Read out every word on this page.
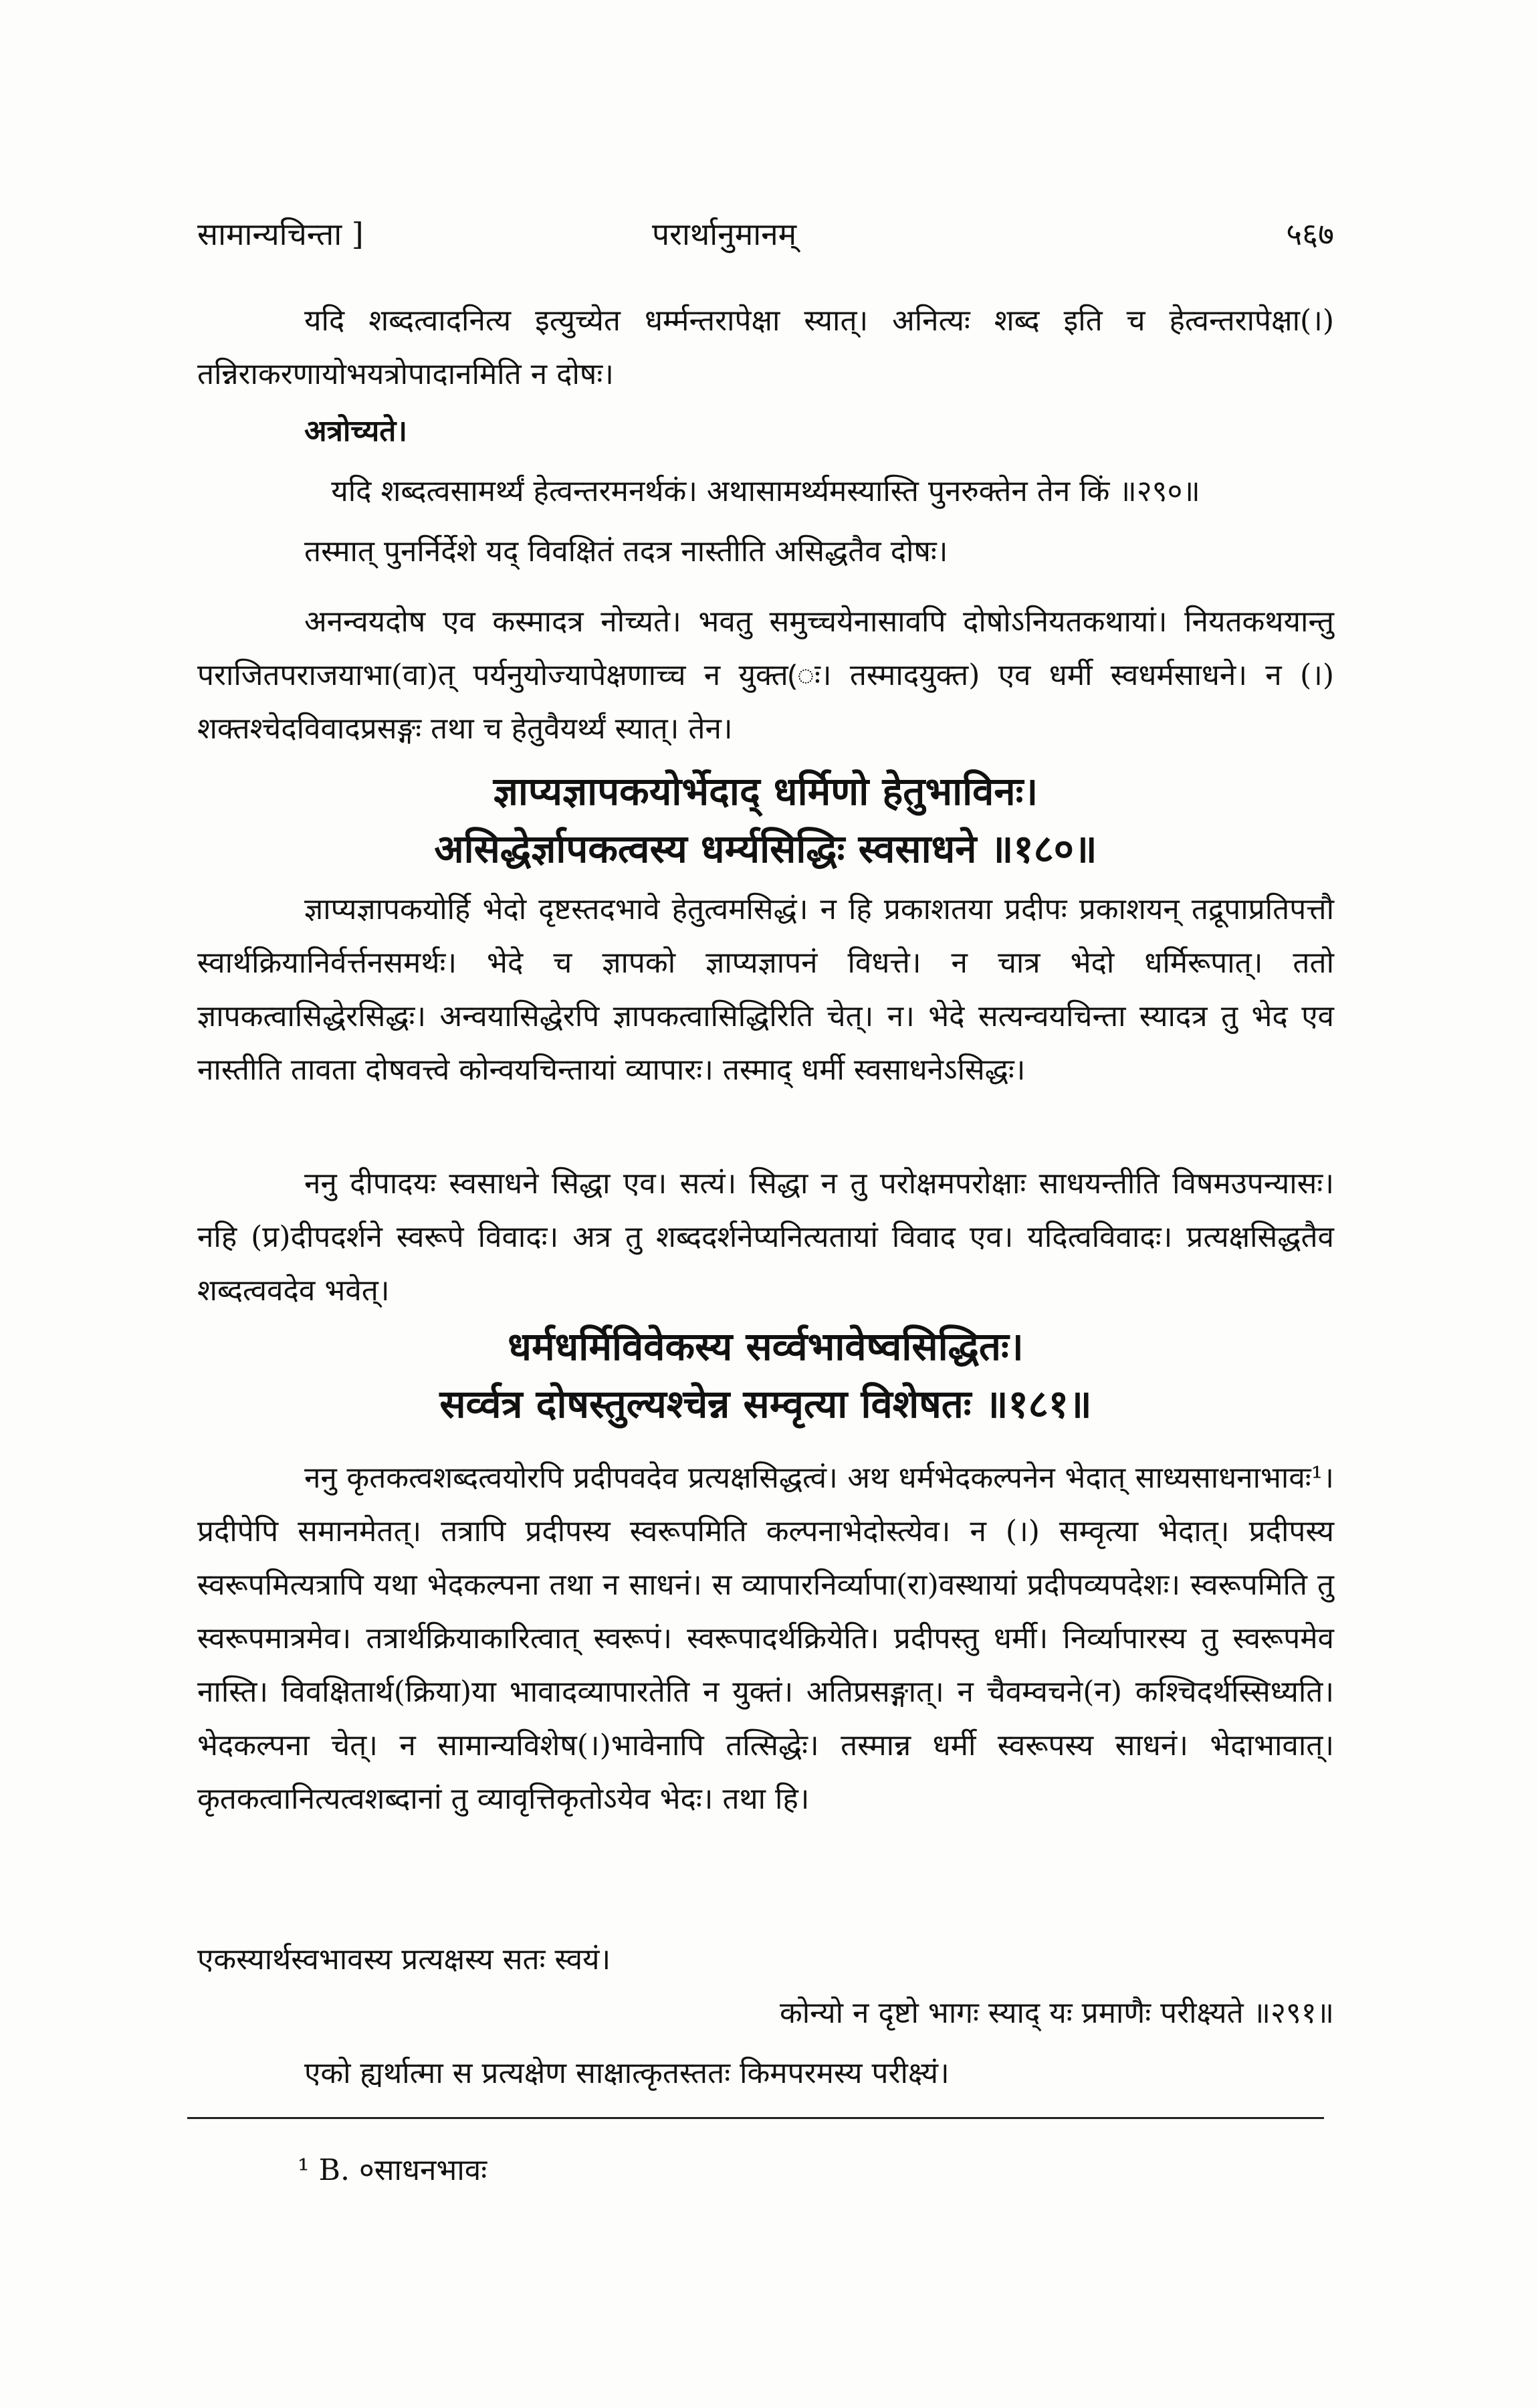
सामान्यचिन्ता ]	परार्थानुमानम्	५६७

यदि शब्दत्वादनित्य इत्युच्येत धर्म्मन्तरापेक्षा स्यात्। अनित्यः शब्द इति च हेत्वन्तरापेक्षा(।) तन्निराकरणायोभयत्रोपादानमिति न दोषः।

अत्रोच्यते।

यदि शब्दत्वसामर्थ्यं हेत्वन्तरमनर्थकं। अथासामर्थ्यमस्यास्ति पुनरुक्तेन तेन किं ॥२९०॥

तस्मात् पुनर्निर्देशे यद् विवक्षितं तदत्र नास्तीति असिद्धतैव दोषः।

अनन्वयदोष एव कस्मादत्र नोच्यते। भवतु समुच्चयेनासावपि दोषोऽनियतकथायां। नियतकथयान्तु पराजितपराजयाभा(वा)त् पर्यनुयोज्यापेक्षणाच्च न युक्त(ः। तस्मादयुक्त) एव धर्मी स्वधर्मसाधने। न (।) शक्तश्चेदविवादप्रसङ्गः तथा च हेतुवैयर्थ्यं स्यात्। तेन।

ज्ञाप्यज्ञापकयोर्भेदाद् धर्मिणो हेतुभाविनः।
असिद्धेर्ज्ञापकत्वस्य धर्म्यसिद्धिः स्वसाधने ॥१८०॥

ज्ञाप्यज्ञापकयोर्हि भेदो दृष्टस्तदभावे हेतुत्वमसिद्धं। न हि प्रकाशतया प्रदीपः प्रकाशयन् तद्रूपाप्रतिपत्तौ स्वार्थक्रियानिर्वर्त्तनसमर्थः। भेदे च ज्ञापको ज्ञाप्यज्ञापनं विधत्ते। न चात्र भेदो धर्मिरूपात्। ततो ज्ञापकत्वासिद्धेरसिद्धः। अन्वयासिद्धेरपि ज्ञापकत्वासिद्धिरिति चेत्। न। भेदे सत्यन्वयचिन्ता स्यादत्र तु भेद एव नास्तीति तावता दोषवत्त्वे कोन्वयचिन्तायां व्यापारः। तस्माद् धर्मी स्वसाधनेऽसिद्धः।

ननु दीपादयः स्वसाधने सिद्धा एव। सत्यं। सिद्धा न तु परोक्षमपरोक्षाः साधयन्तीति विषमउपन्यासः। नहि (प्र)दीपदर्शने स्वरूपे विवादः। अत्र तु शब्ददर्शनेप्यनित्यतायां विवाद एव। यदित्वविवादः। प्रत्यक्षसिद्धतैव शब्दत्ववदेव भवेत्।

धर्मधर्मिविवेकस्य सर्व्वभावेष्वसिद्धितः।
सर्व्वत्र दोषस्तुल्यश्चेन्न सम्वृत्या विशेषतः ॥१८१॥

ननु कृतकत्वशब्दत्वयोरपि प्रदीपवदेव प्रत्यक्षसिद्धत्वं। अथ धर्मभेदकल्पनेन भेदात् साध्यसाधनाभावः¹। प्रदीपेपि समानमेतत्। तत्रापि प्रदीपस्य स्वरूपमिति कल्पनाभेदोस्त्येव। न (।) सम्वृत्या भेदात्। प्रदीपस्य स्वरूपमित्यत्रापि यथा भेदकल्पना तथा न साधनं। स व्यापारनिर्व्यापा(रा)वस्थायां प्रदीपव्यपदेशः। स्वरूपमिति तु स्वरूपमात्रमेव। तत्रार्थक्रियाकारित्वात् स्वरूपं। स्वरूपादर्थक्रियेति। प्रदीपस्तु धर्मी। निर्व्यापारस्य तु स्वरूपमेव नास्ति। विवक्षितार्थ(क्रिया)या भावादव्यापारतेति न युक्तं। अतिप्रसङ्गात्। न चैवम्वचने(न) कश्चिदर्थस्सिध्यति। भेदकल्पना चेत्। न सामान्यविशेष(।)भावेनापि तत्सिद्धेः। तस्मान्न धर्मी स्वरूपस्य साधनं। भेदाभावात्। कृतकत्वानित्यत्वशब्दानां तु व्यावृत्तिकृतोऽयेव भेदः। तथा हि।

एकस्यार्थस्वभावस्य प्रत्यक्षस्य सतः स्वयं।
कोन्यो न दृष्टो भागः स्याद् यः प्रमाणैः परीक्ष्यते ॥२९१॥

एको ह्यर्थात्मा स प्रत्यक्षेण साक्षात्कृतस्ततः किमपरमस्य परीक्ष्यं।

¹ B. ०साधनभावः
